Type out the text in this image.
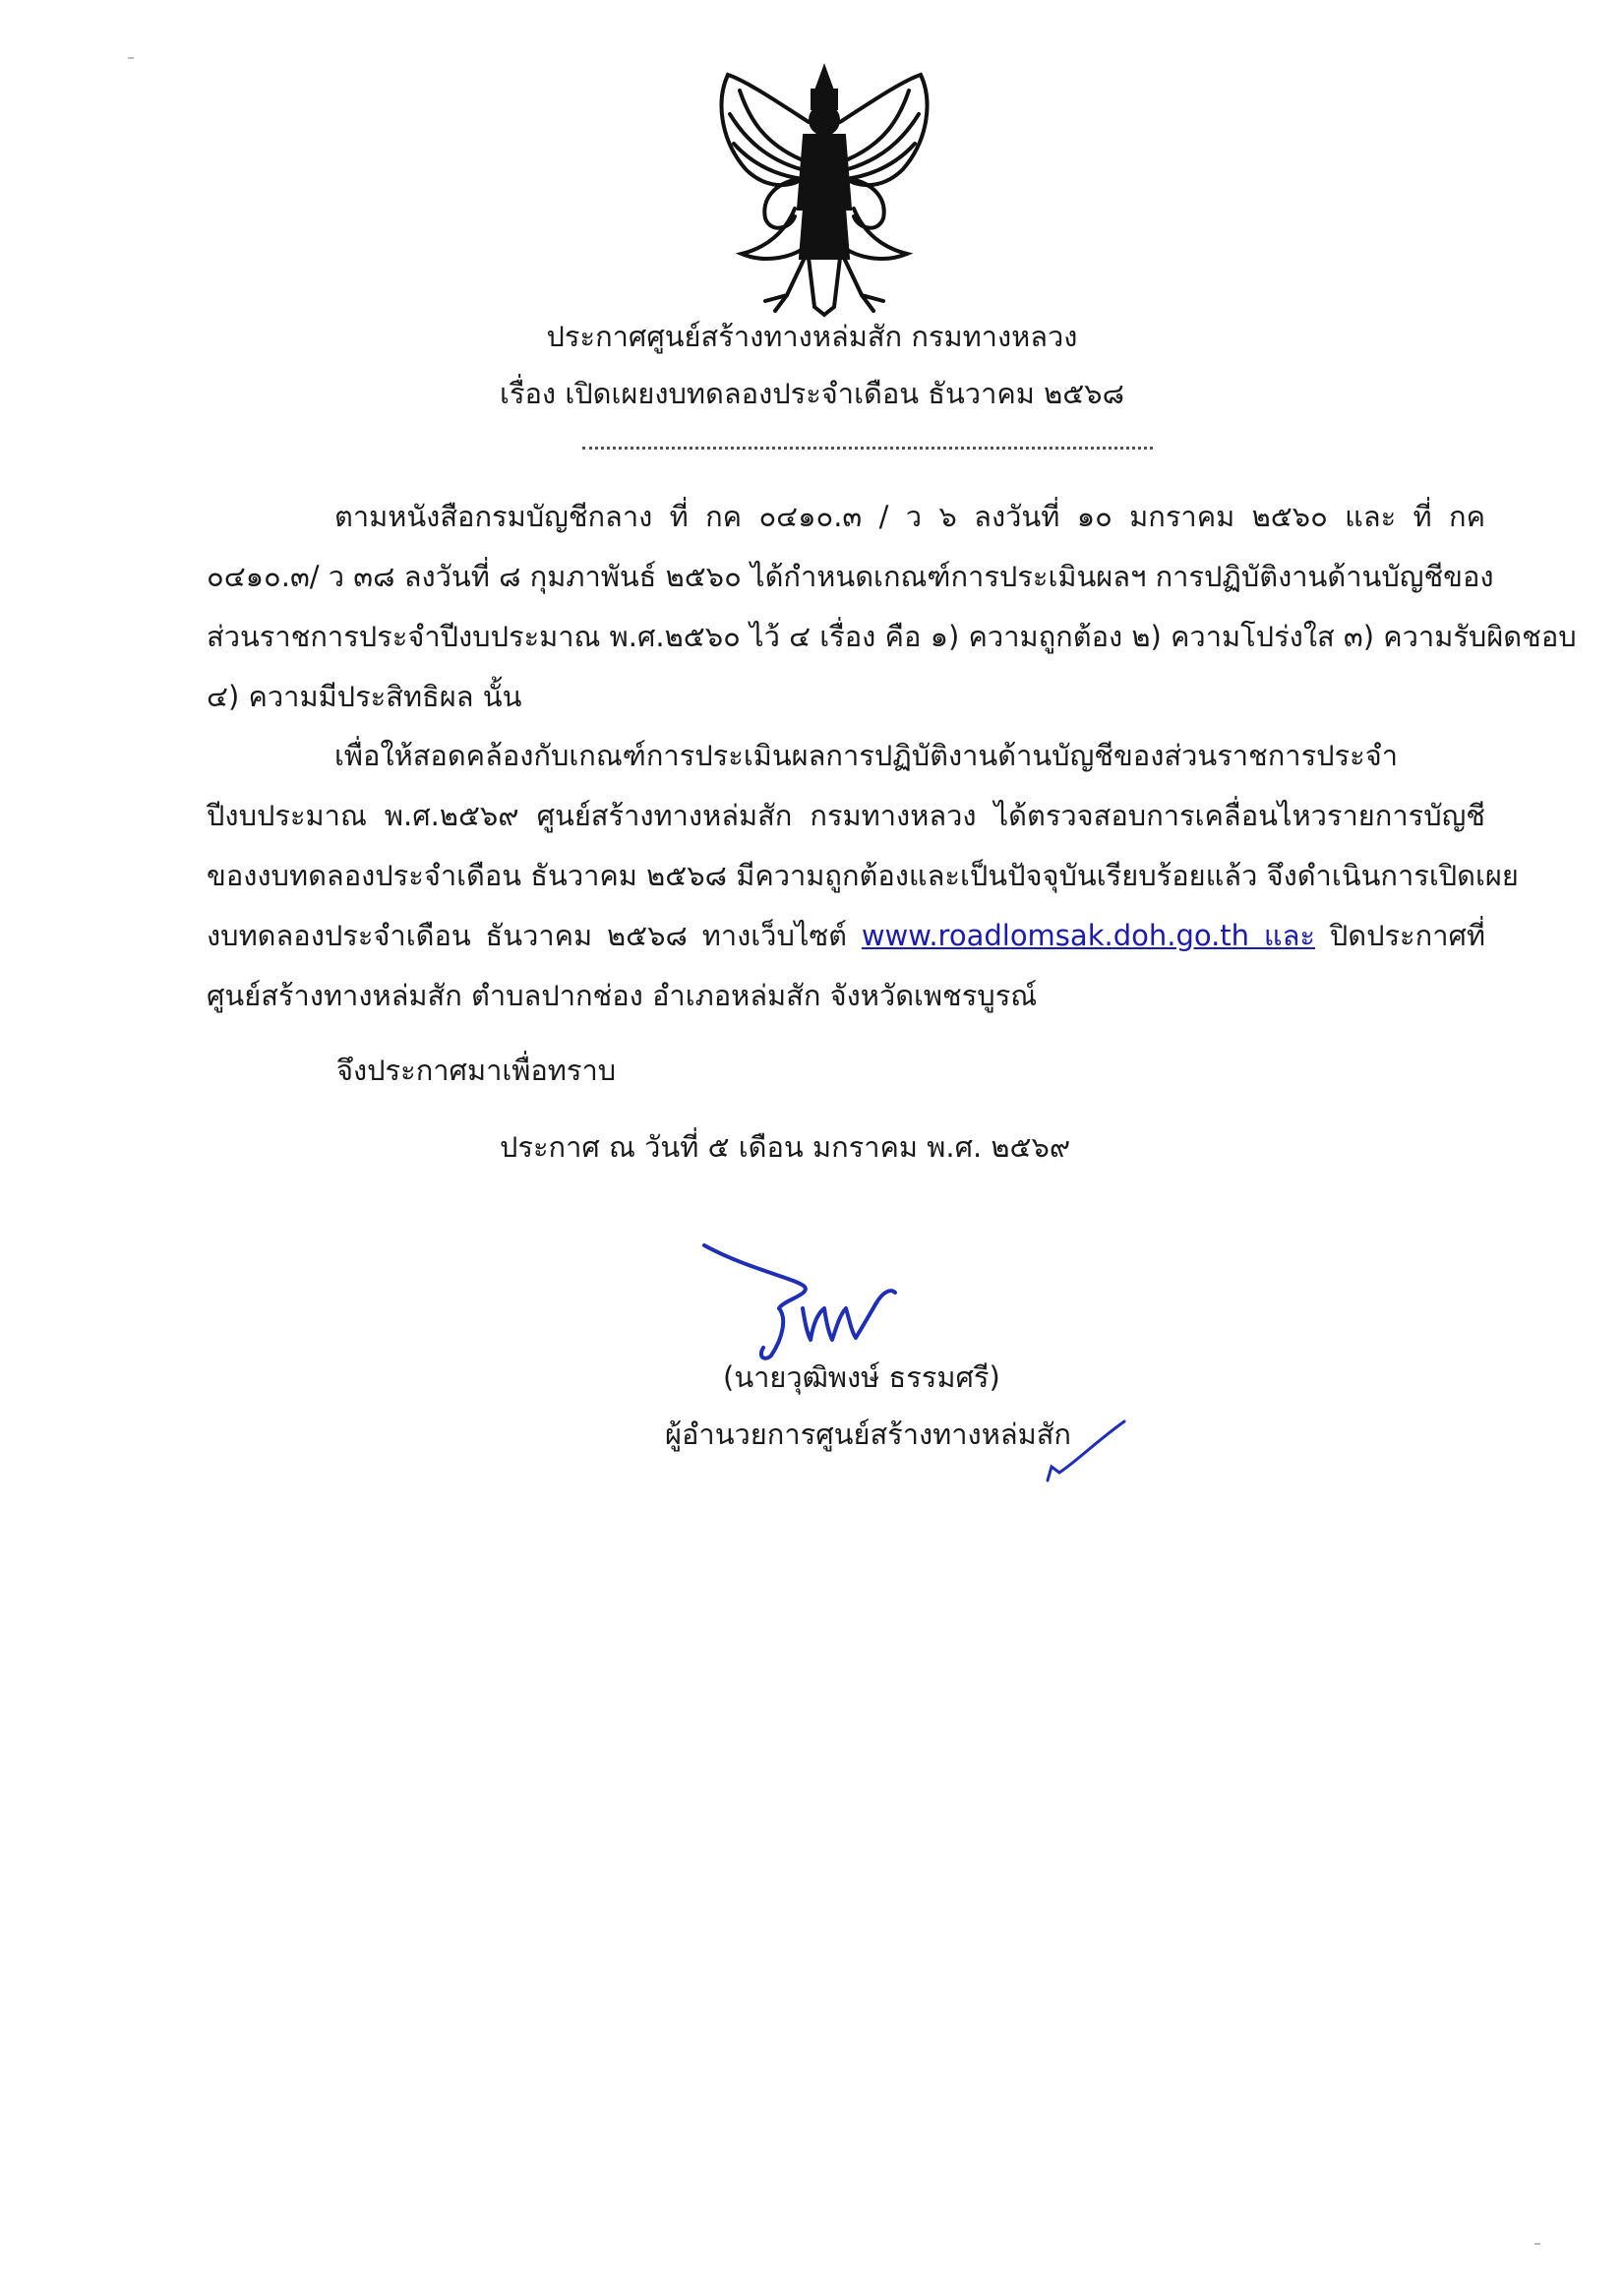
ประกาศศูนย์สร้างทางหล่มสัก กรมทางหลวง
เรื่อง เปิดเผยงบทดลองประจำเดือน ธันวาคม ๒๕๖๘
ตามหนังสือกรมบัญชีกลาง ที่ กค ๐๔๑๐.๓ / ว ๖ ลงวันที่ ๑๐ มกราคม ๒๕๖๐ และ ที่ กค
๐๔๑๐.๓/ ว ๓๘ ลงวันที่ ๘ กุมภาพันธ์ ๒๕๖๐ ได้กำหนดเกณฑ์การประเมินผลฯ การปฏิบัติงานด้านบัญชีของ
ส่วนราชการประจำปีงบประมาณ พ.ศ.๒๕๖๐ ไว้ ๔ เรื่อง คือ ๑) ความถูกต้อง ๒) ความโปร่งใส ๓) ความรับผิดชอบ
๔) ความมีประสิทธิผล นั้น
เพื่อให้สอดคล้องกับเกณฑ์การประเมินผลการปฏิบัติงานด้านบัญชีของส่วนราชการประจำ
ปีงบประมาณ พ.ศ.๒๕๖๙ ศูนย์สร้างทางหล่มสัก กรมทางหลวง ได้ตรวจสอบการเคลื่อนไหวรายการบัญชี
ของงบทดลองประจำเดือน ธันวาคม ๒๕๖๘ มีความถูกต้องและเป็นปัจจุบันเรียบร้อยแล้ว จึงดำเนินการเปิดเผย
งบทดลองประจำเดือน ธันวาคม ๒๕๖๘ ทางเว็บไซต์ www.roadlomsak.doh.go.th และ ปิดประกาศที่
ศูนย์สร้างทางหล่มสัก ตำบลปากช่อง อำเภอหล่มสัก จังหวัดเพชรบูรณ์
จึงประกาศมาเพื่อทราบ
ประกาศ ณ วันที่ ๕ เดือน มกราคม พ.ศ. ๒๕๖๙
(นายวุฒิพงษ์ ธรรมศรี)
ผู้อำนวยการศูนย์สร้างทางหล่มสัก
